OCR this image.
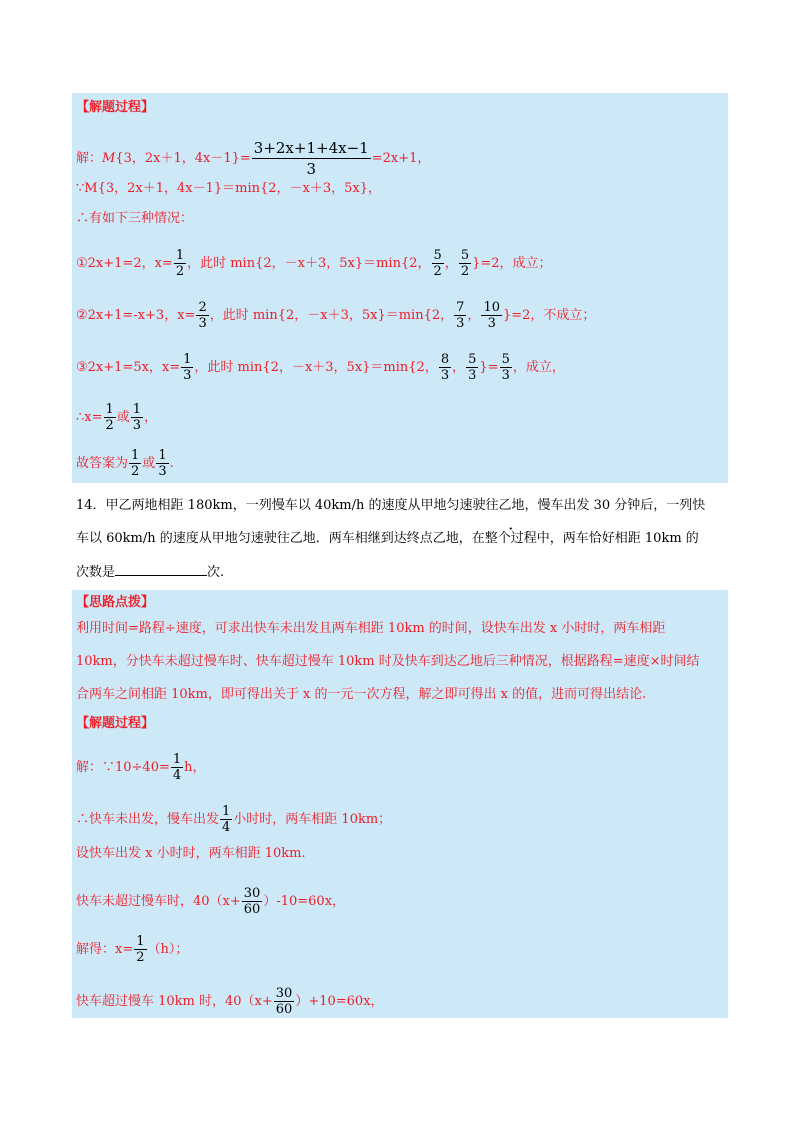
【解题过程】
解：M{3，2x＋1，$4x-1\}= \frac{3+2x+1+4x-1}{3} =2x+1$，
∵M{3，2x＋1，4x－1}＝min{2，－x＋3，5x}，
∴有如下三种情况：
①2x+1=2，$x= \frac{1}{2}$ ，此时 min{2，－x＋3，5x}＝min{2， $\frac{5}{2}$ ， $\frac{5}{2} \}=2$，成立；
②2x+1=-x+3，$x= \frac{2}{3}$ ，此时 min{2，－x＋3，5x}＝min{2， $\frac{7}{3}$ ， $\frac{10}{3} \}=2$，不成立；
③2x+1=5x，$x= \frac{1}{3}$ ，此时 min{2，－x＋3，5x}＝min{2， $\frac{8}{3}$ ， $\frac{5}{3}$ }= $\frac{5}{3}$ ，成立，
∴x= $\frac{1}{2}$ 或 $\frac{1}{3}$ ，
故答案为 $\frac{1}{2}$ 或 $\frac{1}{3}$ .
14．甲乙两地相距 180km，一列慢车以 40km/h 的速度从甲地匀速驶往乙地，慢车出发 30 分钟后，一列快
车以 60km/h 的速度从甲地匀速驶往乙地．两车相继到达终点乙地，在整个过程中，两车恰好相距 10km 的
次数是	次.
【思路点拨】
利用时间=路程÷速度，可求出快车未出发且两车相距 10km 的时间，设快车出发 x 小时时，两车相距
10km，分快车未超过慢车时、快车超过慢车 10km 时及快车到达乙地后三种情况，根据路程=速度×时间结
合两车之间相距 10km，即可得出关于 x 的一元一次方程，解之即可得出 x 的值，进而可得出结论.
【解题过程】
解：∵10÷40= $\frac{1}{4}$ h，
∴快车未出发，慢车出发 $\frac{1}{4}$ 小时时，两车相距 10km；
设快车出发 x 小时时，两车相距 10km.
快车未超过慢车时，$40(x+ \frac{30}{60} )-10=60x$，
解得：$x= \frac{1}{2} (h)$；
快车超过慢车 10km 时，$40(x+ \frac{30}{60} )+10=60x$，
